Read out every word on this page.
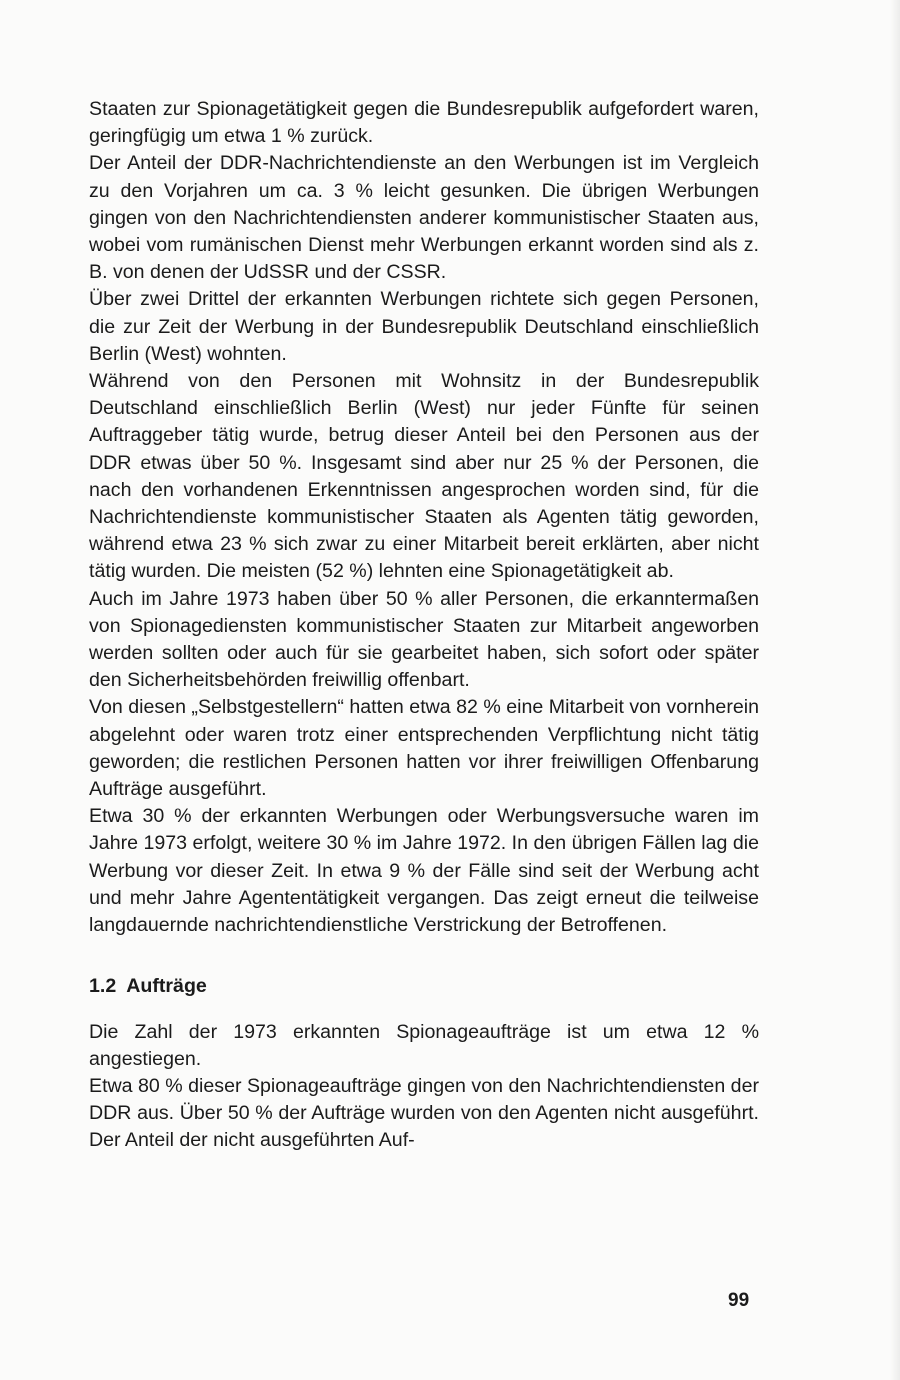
Staaten zur Spionagetätigkeit gegen die Bundesrepublik aufgefordert waren, geringfügig um etwa 1 % zurück.

Der Anteil der DDR-Nachrichtendienste an den Werbungen ist im Vergleich zu den Vorjahren um ca. 3 % leicht gesunken. Die übrigen Werbungen gingen von den Nachrichtendiensten anderer kommunistischer Staaten aus, wobei vom rumänischen Dienst mehr Werbungen erkannt worden sind als z. B. von denen der UdSSR und der CSSR.

Über zwei Drittel der erkannten Werbungen richtete sich gegen Personen, die zur Zeit der Werbung in der Bundesrepublik Deutschland einschließlich Berlin (West) wohnten.

Während von den Personen mit Wohnsitz in der Bundesrepublik Deutschland einschließlich Berlin (West) nur jeder Fünfte für seinen Auftraggeber tätig wurde, betrug dieser Anteil bei den Personen aus der DDR etwas über 50 %. Insgesamt sind aber nur 25 % der Personen, die nach den vorhandenen Erkenntnissen angesprochen worden sind, für die Nachrichtendienste kommunistischer Staaten als Agenten tätig geworden, während etwa 23 % sich zwar zu einer Mitarbeit bereit erklärten, aber nicht tätig wurden. Die meisten (52 %) lehnten eine Spionagetätigkeit ab.

Auch im Jahre 1973 haben über 50 % aller Personen, die erkanntermaßen von Spionagediensten kommunistischer Staaten zur Mitarbeit angeworben werden sollten oder auch für sie gearbeitet haben, sich sofort oder später den Sicherheitsbehörden freiwillig offenbart.

Von diesen „Selbstgestellern“ hatten etwa 82 % eine Mitarbeit von vornherein abgelehnt oder waren trotz einer entsprechenden Verpflichtung nicht tätig geworden; die restlichen Personen hatten vor ihrer freiwilligen Offenbarung Aufträge ausgeführt.

Etwa 30 % der erkannten Werbungen oder Werbungsversuche waren im Jahre 1973 erfolgt, weitere 30 % im Jahre 1972. In den übrigen Fällen lag die Werbung vor dieser Zeit. In etwa 9 % der Fälle sind seit der Werbung acht und mehr Jahre Agententätigkeit vergangen. Das zeigt erneut die teilweise langdauernde nachrichtendienstliche Verstrickung der Betroffenen.

1.2 Aufträge

Die Zahl der 1973 erkannten Spionageaufträge ist um etwa 12 % angestiegen.

Etwa 80 % dieser Spionageaufträge gingen von den Nachrichtendiensten der DDR aus. Über 50 % der Aufträge wurden von den Agenten nicht ausgeführt. Der Anteil der nicht ausgeführten Auf-

99
